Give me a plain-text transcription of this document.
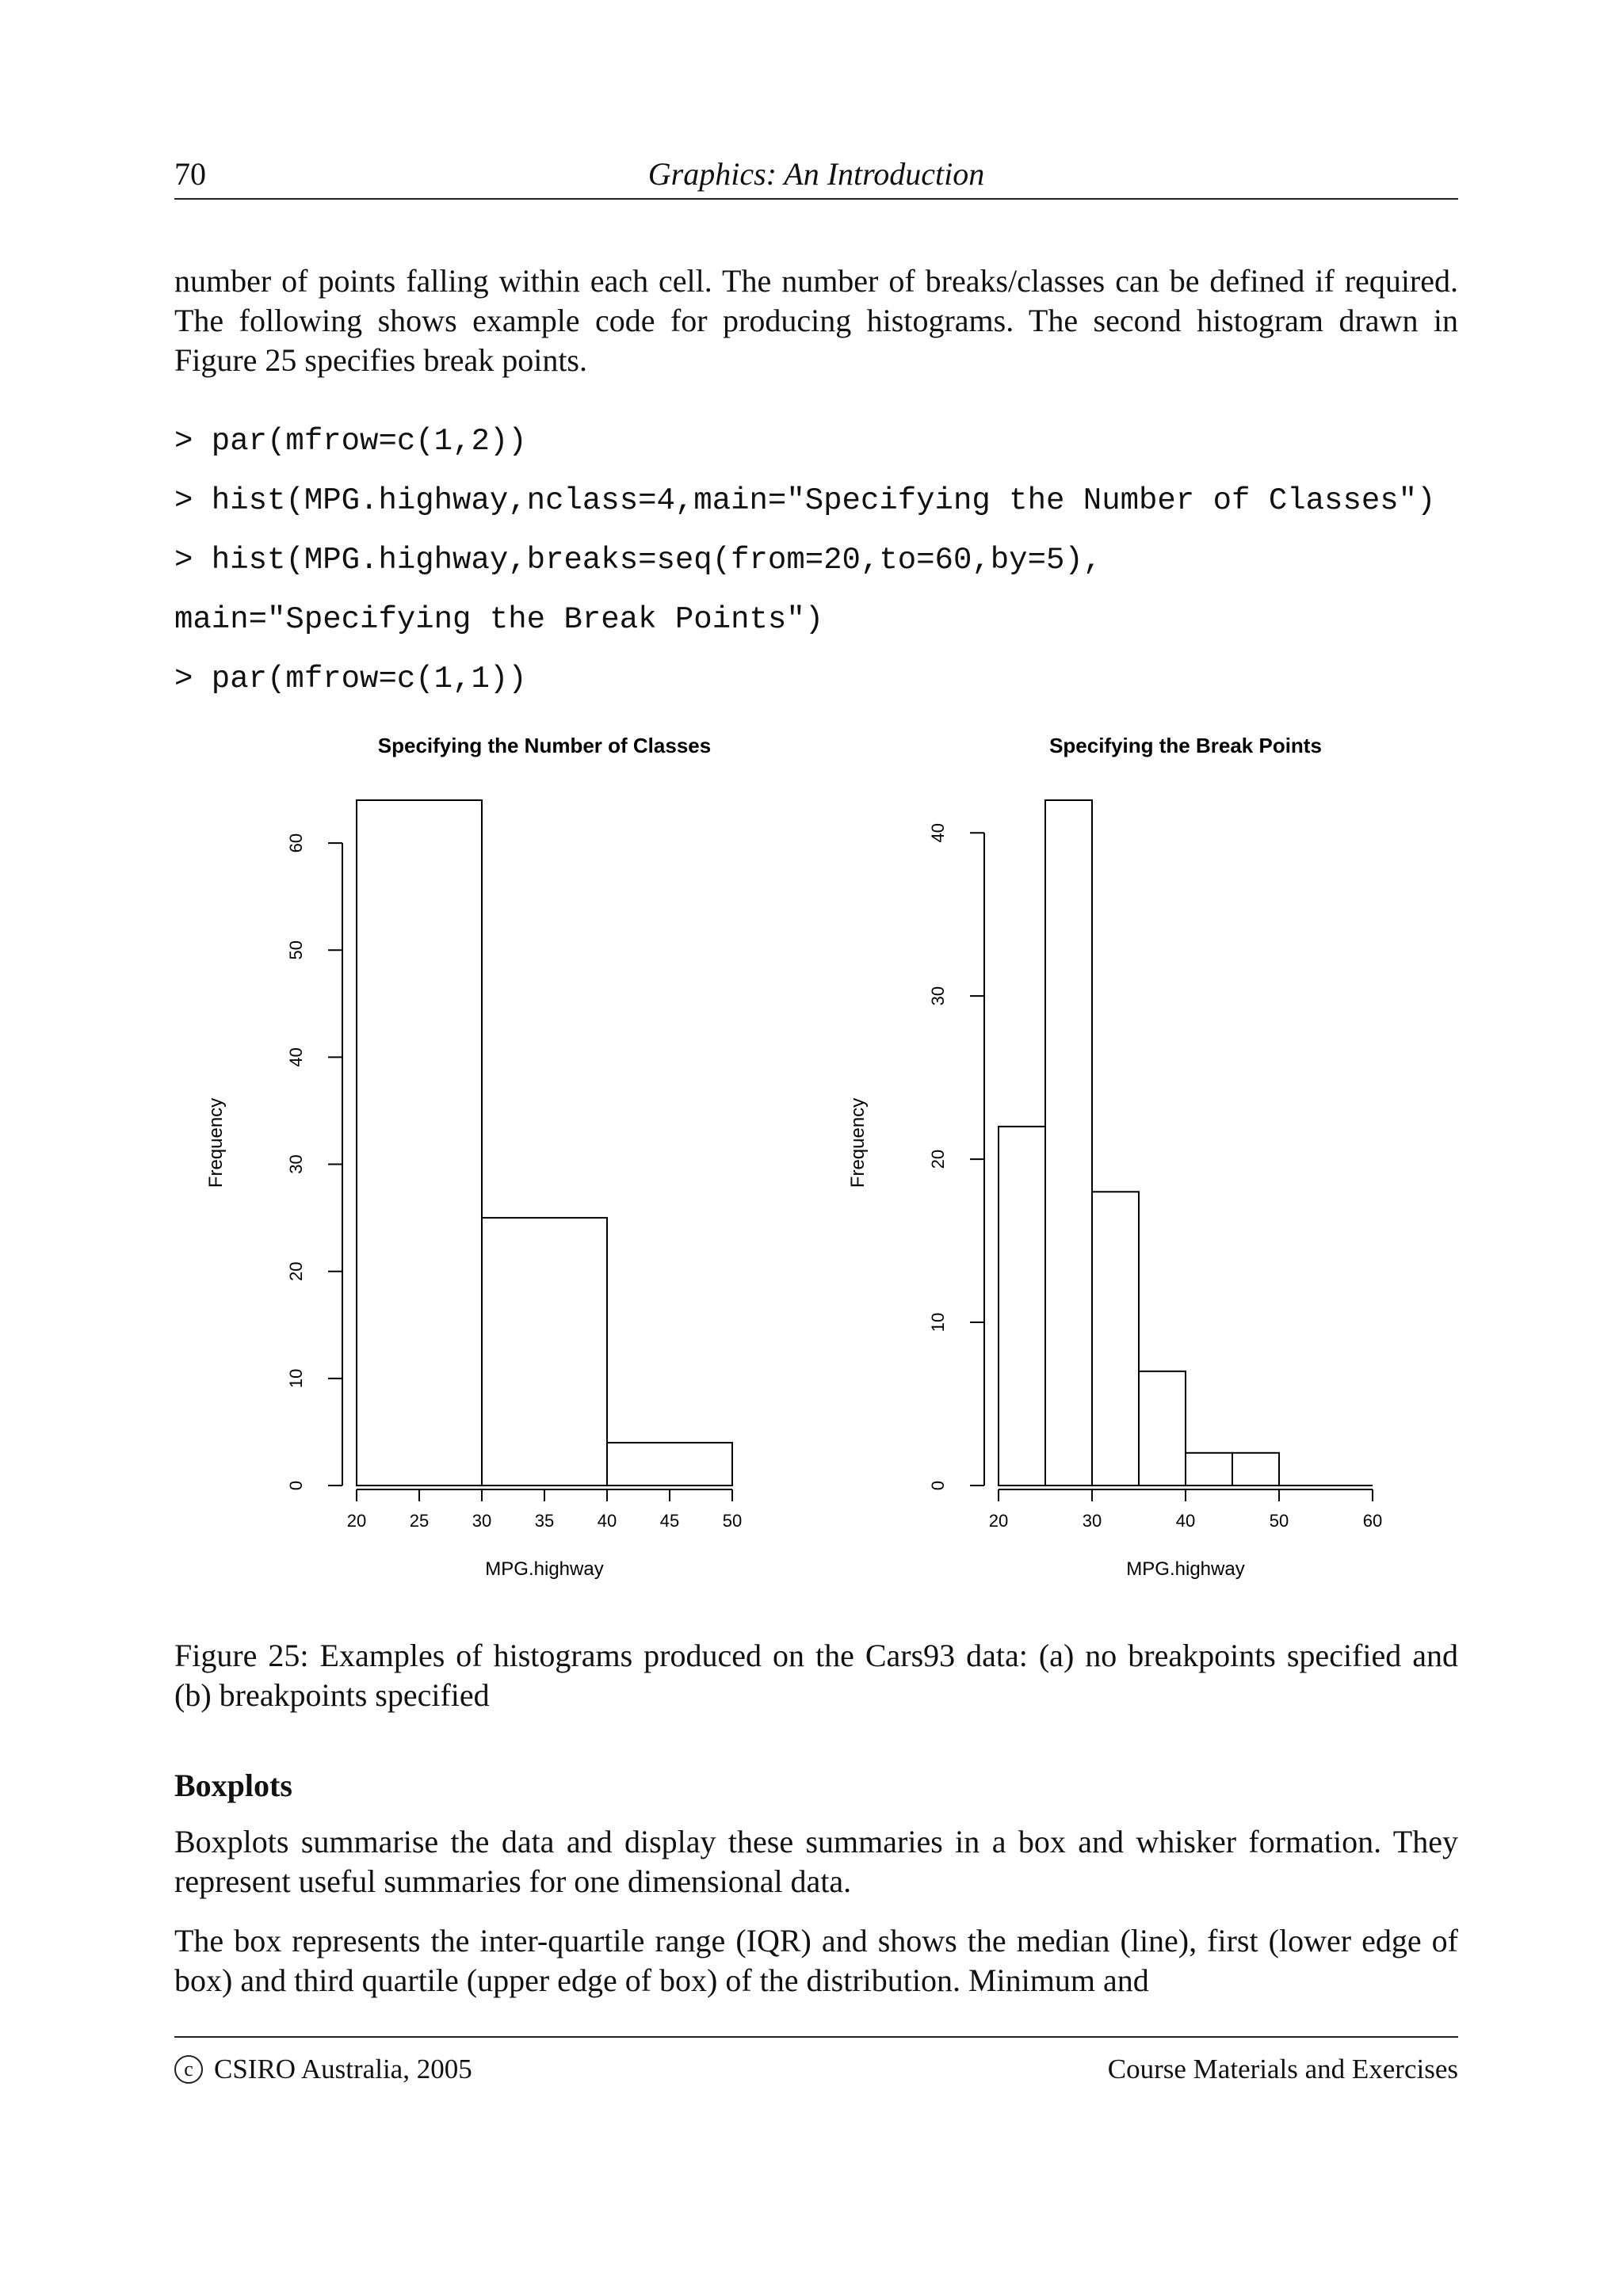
70	Graphics: An Introduction

number of points falling within each cell. The number of breaks/classes can be defined if required. The following shows example code for producing histograms. The second histogram drawn in Figure 25 specifies break points.

> par(mfrow=c(1,2))
> hist(MPG.highway,nclass=4,main="Specifying the Number of Classes")
> hist(MPG.highway,breaks=seq(from=20,to=60,by=5),
main="Specifying the Break Points")
> par(mfrow=c(1,1))
Specifying the Number of Classes
0
10
20
30
40
50
60
20 25 30 35 40 45 50
MPG.highway
Frequency
Specifying the Break Points
0
10
20
30
40
20	30	40	50	60
MPG.highway
Frequency

Figure 25: Examples of histograms produced on the Cars93 data: (a) no breakpoints specified and (b) breakpoints specified

Boxplots

Boxplots summarise the data and display these summaries in a box and whisker formation. They represent useful summaries for one dimensional data.

The box represents the inter-quartile range (IQR) and shows the median (line), first (lower edge of box) and third quartile (upper edge of box) of the distribution. Minimum and

c CSIRO Australia, 2005	Course Materials and Exercises
